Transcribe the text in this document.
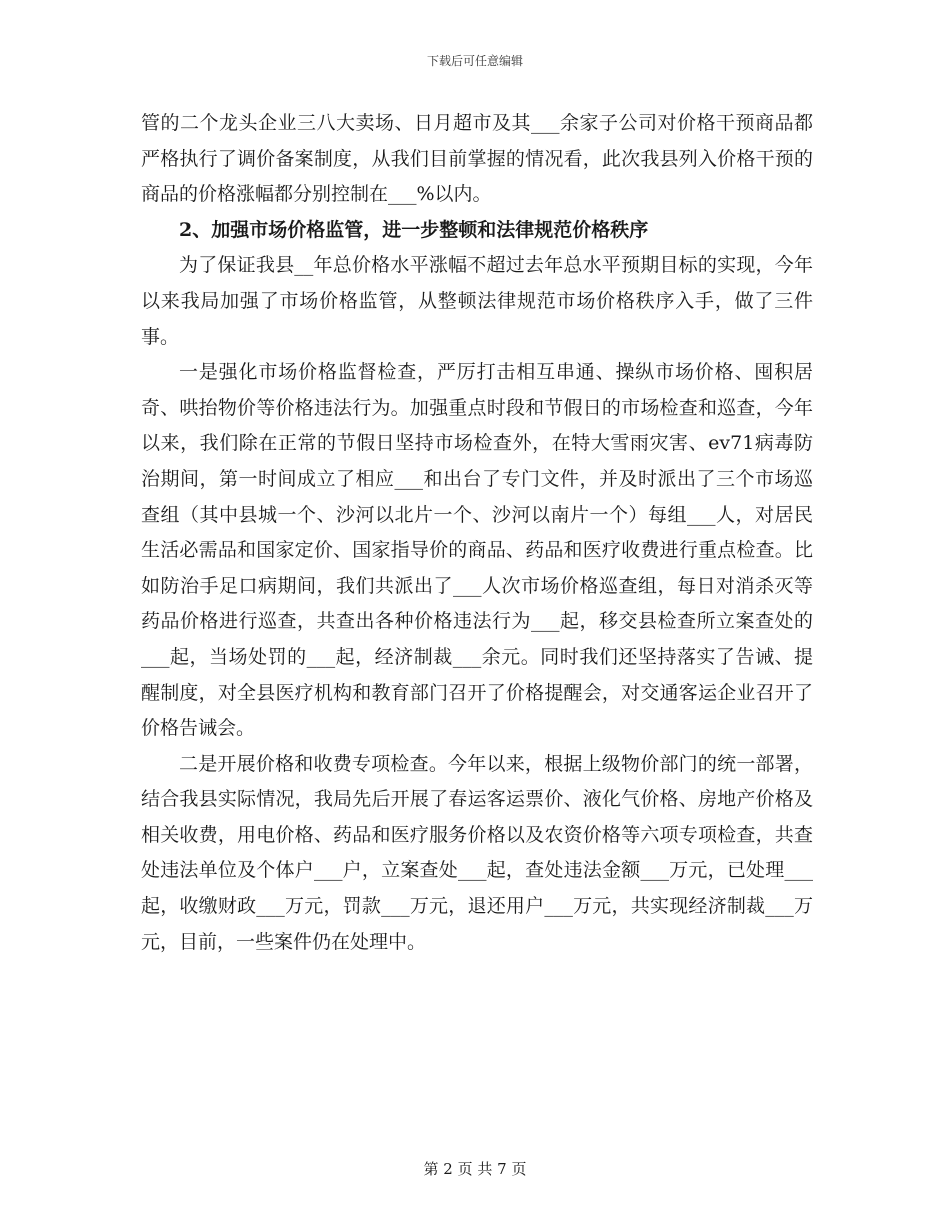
下载后可任意编辑

管的二个龙头企业三八大卖场、日月超市及其___余家子公司对价格干预商品都严格执行了调价备案制度，从我们目前掌握的情况看，此次我县列入价格干预的商品的价格涨幅都分别控制在___%以内。

2、加强市场价格监管，进一步整顿和法律规范价格秩序

为了保证我县__年总价格水平涨幅不超过去年总水平预期目标的实现，今年以来我局加强了市场价格监管，从整顿法律规范市场价格秩序入手，做了三件事。

一是强化市场价格监督检查，严厉打击相互串通、操纵市场价格、囤积居奇、哄抬物价等价格违法行为。加强重点时段和节假日的市场检查和巡查，今年以来，我们除在正常的节假日坚持市场检查外，在特大雪雨灾害、ev71病毒防治期间，第一时间成立了相应___和出台了专门文件，并及时派出了三个市场巡查组（其中县城一个、沙河以北片一个、沙河以南片一个）每组___人，对居民生活必需品和国家定价、国家指导价的商品、药品和医疗收费进行重点检查。比如防治手足口病期间，我们共派出了___人次市场价格巡查组，每日对消杀灭等药品价格进行巡查，共查出各种价格违法行为___起，移交县检查所立案查处的___起，当场处罚的___起，经济制裁___余元。同时我们还坚持落实了告诫、提醒制度，对全县医疗机构和教育部门召开了价格提醒会，对交通客运企业召开了价格告诫会。

二是开展价格和收费专项检查。今年以来，根据上级物价部门的统一部署，结合我县实际情况，我局先后开展了春运客运票价、液化气价格、房地产价格及相关收费，用电价格、药品和医疗服务价格以及农资价格等六项专项检查，共查处违法单位及个体户___户，立案查处___起，查处违法金额___万元，已处理___起，收缴财政___万元，罚款___万元，退还用户___万元，共实现经济制裁___万元，目前，一些案件仍在处理中。

第 2 页 共 7 页
